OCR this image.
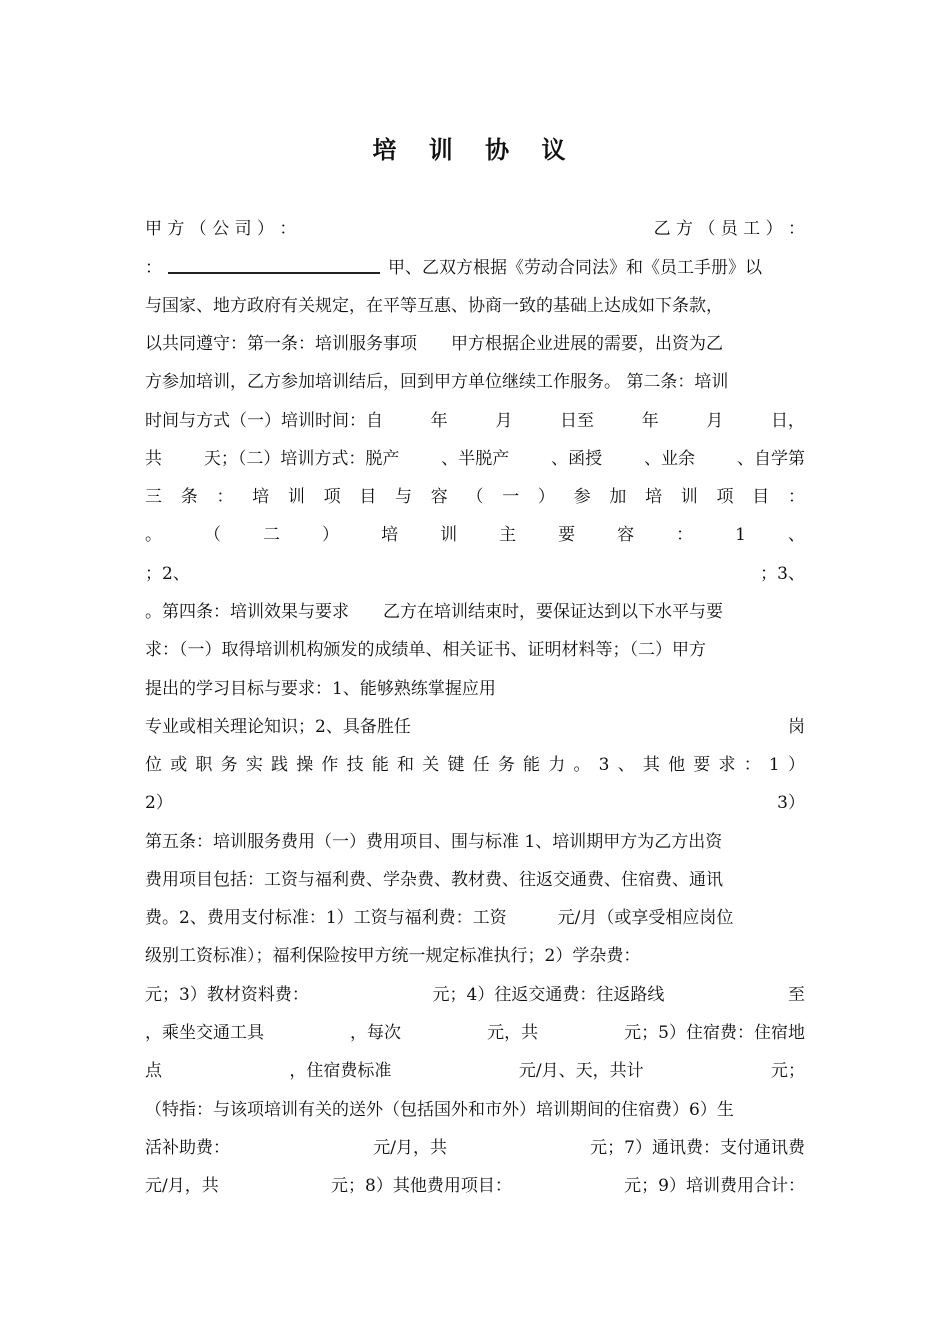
培 训 协 议
甲 方 （ 公 司 ） ：	乙 方 （ 员 工 ） ：
：	甲、乙双方根据《劳动合同法》和《员工手册》以
与国家、地方政府有关规定，在平等互惠、协商一致的基础上达成如下条款，
以共同遵守：第一条：培训服务事项　　甲方根据企业进展的需要，出资为乙
方参加培训，乙方参加培训结后，回到甲方单位继续工作服务。 第二条：培训
时间与方式（一）培训时间：自	年	月	日至	年	月	日，
共 天；（二）培训方式：脱产 、半脱产 、函授 、业余 、自学第
三 条 ： 培 训 项 目 与 容 （ 一 ） 参 加 培 训 项 目 ：
。 （ 二 ） 培 训 主 要 容 ： 1 、
；2、	；3、
。第四条：培训效果与要求　　乙方在培训结束时，要保证达到以下水平与要
求：（一）取得培训机构颁发的成绩单、相关证书、证明材料等；（二）甲方
提出的学习目标与要求：1、能够熟练掌握应用
专业或相关理论知识；2、具备胜任	岗
位 或 职 务 实 践 操 作 技 能 和 关 键 任 务 能 力 。 3 、 其 他 要 求 ： 1 ）
2）	3）
第五条：培训服务费用（一）费用项目、围与标准 1、培训期甲方为乙方出资
费用项目包括：工资与福利费、学杂费、教材费、往返交通费、住宿费、通讯
费。2、费用支付标准：1）工资与福利费：工资　　　元/月（或享受相应岗位
级别工资标准）；福利保险按甲方统一规定标准执行；2）学杂费：
元；3）教材资料费：	元；4）往返交通费：往返路线	至
，乘坐交通工具	，每次	元，共	元；5）住宿费：住宿地
点	，住宿费标准	元/月、天，共计	元；
（特指：与该项培训有关的送外（包括国外和市外）培训期间的住宿费）6）生
活补助费：	元/月，共	元；7）通讯费：支付通讯费
元/月，共	元；8）其他费用项目：	元；9）培训费用合计：
